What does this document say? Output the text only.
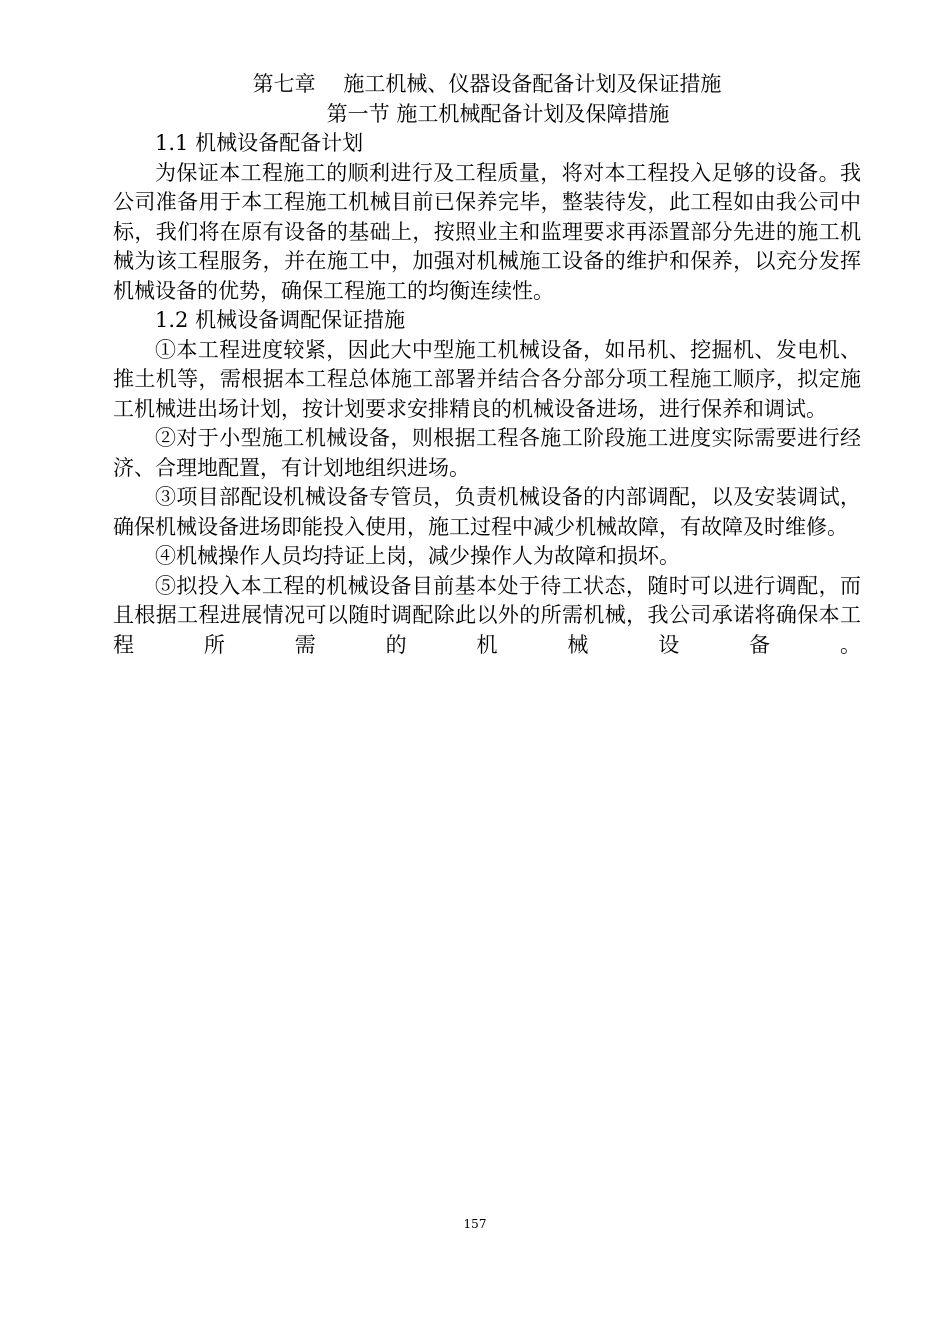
第七章　 施工机械、仪器设备配备计划及保证措施
第一节 施工机械配备计划及保障措施

1.1 机械设备配备计划

为保证本工程施工的顺利进行及工程质量，将对本工程投入足够的设备。我公司准备用于本工程施工机械目前已保养完毕，整装待发，此工程如由我公司中标，我们将在原有设备的基础上，按照业主和监理要求再添置部分先进的施工机械为该工程服务，并在施工中，加强对机械施工设备的维护和保养，以充分发挥机械设备的优势，确保工程施工的均衡连续性。

1.2 机械设备调配保证措施

①本工程进度较紧，因此大中型施工机械设备，如吊机、挖掘机、发电机、推土机等，需根据本工程总体施工部署并结合各分部分项工程施工顺序，拟定施工机械进出场计划，按计划要求安排精良的机械设备进场，进行保养和调试。

②对于小型施工机械设备，则根据工程各施工阶段施工进度实际需要进行经济、合理地配置，有计划地组织进场。

③项目部配设机械设备专管员，负责机械设备的内部调配，以及安装调试，确保机械设备进场即能投入使用，施工过程中减少机械故障，有故障及时维修。

④机械操作人员均持证上岗，减少操作人为故障和损坏。

⑤拟投入本工程的机械设备目前基本处于待工状态，随时可以进行调配，而且根据工程进展情况可以随时调配除此以外的所需机械，我公司承诺将确保本工程所需的机械设备。

157
